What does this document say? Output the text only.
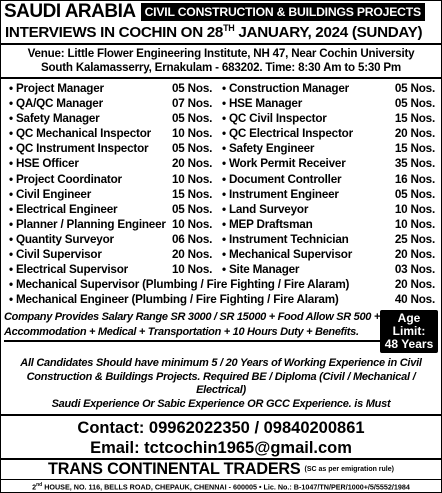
SAUDI ARABIA CIVIL CONSTRUCTION & BUILDINGS PROJECTS
INTERVIEWS IN COCHIN ON 28TH JANUARY, 2024 (SUNDAY)
Venue: Little Flower Engineering Institute, NH 47, Near Cochin University
South Kalamasserry, Ernakulam - 683202. Time: 8:30 Am to 5:30 Pm
• Project Manager	05 Nos. • Construction Manager	05 Nos.
• QA/QC Manager	07 Nos. • HSE Manager	05 Nos.
• Safety Manager	05 Nos. • QC Civil Inspector	15 Nos.
• QC Mechanical Inspector	10 Nos. • QC Electrical Inspector	20 Nos.
• QC Instrument Inspector	05 Nos. • Safety Engineer	15 Nos.
• HSE Officer	20 Nos. • Work Permit Receiver	35 Nos.
• Project Coordinator	10 Nos. • Document Controller	16 Nos.
• Civil Engineer	15 Nos. • Instrument Engineer	05 Nos.
• Electrical Engineer	05 Nos. • Land Surveyor	10 Nos.
• Planner / Planning Engineer 10 Nos. • MEP Draftsman	10 Nos.
• Quantity Surveyor	06 Nos. • Instrument Technician	25 Nos.
• Civil Supervisor	20 Nos. • Mechanical Supervisor	20 Nos.
• Electrical Supervisor	10 Nos. • Site Manager	03 Nos.
• Mechanical Supervisor (Plumbing / Fire Fighting / Fire Alaram)	20 Nos.
• Mechanical Engineer (Plumbing / Fire Fighting / Fire Alaram)	40 Nos.
Company Provides Salary Range SR 3000 / SR 15000 + Food Allow SR 500 +
Accommodation + Medical + Transportation + 10 Hours Duty + Benefits.
Age Limit:
48 Years
All Candidates Should have minimum 5 / 20 Years of Working Experience in Civil
Construction & Buildings Projects. Required BE / Diploma (Civil / Mechanical / Electrical)
Saudi Experience Or Sabic Experience OR GCC Experience. is Must
Contact: 09962022350 / 09840200861
Email: tctcochin1965@gmail.com
TRANS CONTINENTAL TRADERS (SC as per emigration rule)
2nd HOUSE, NO. 116, BELLS ROAD, CHEPAUK, CHENNAI - 600005 • Lic. No.: B-1047/TN/PER/1000+/5/5552/1984
